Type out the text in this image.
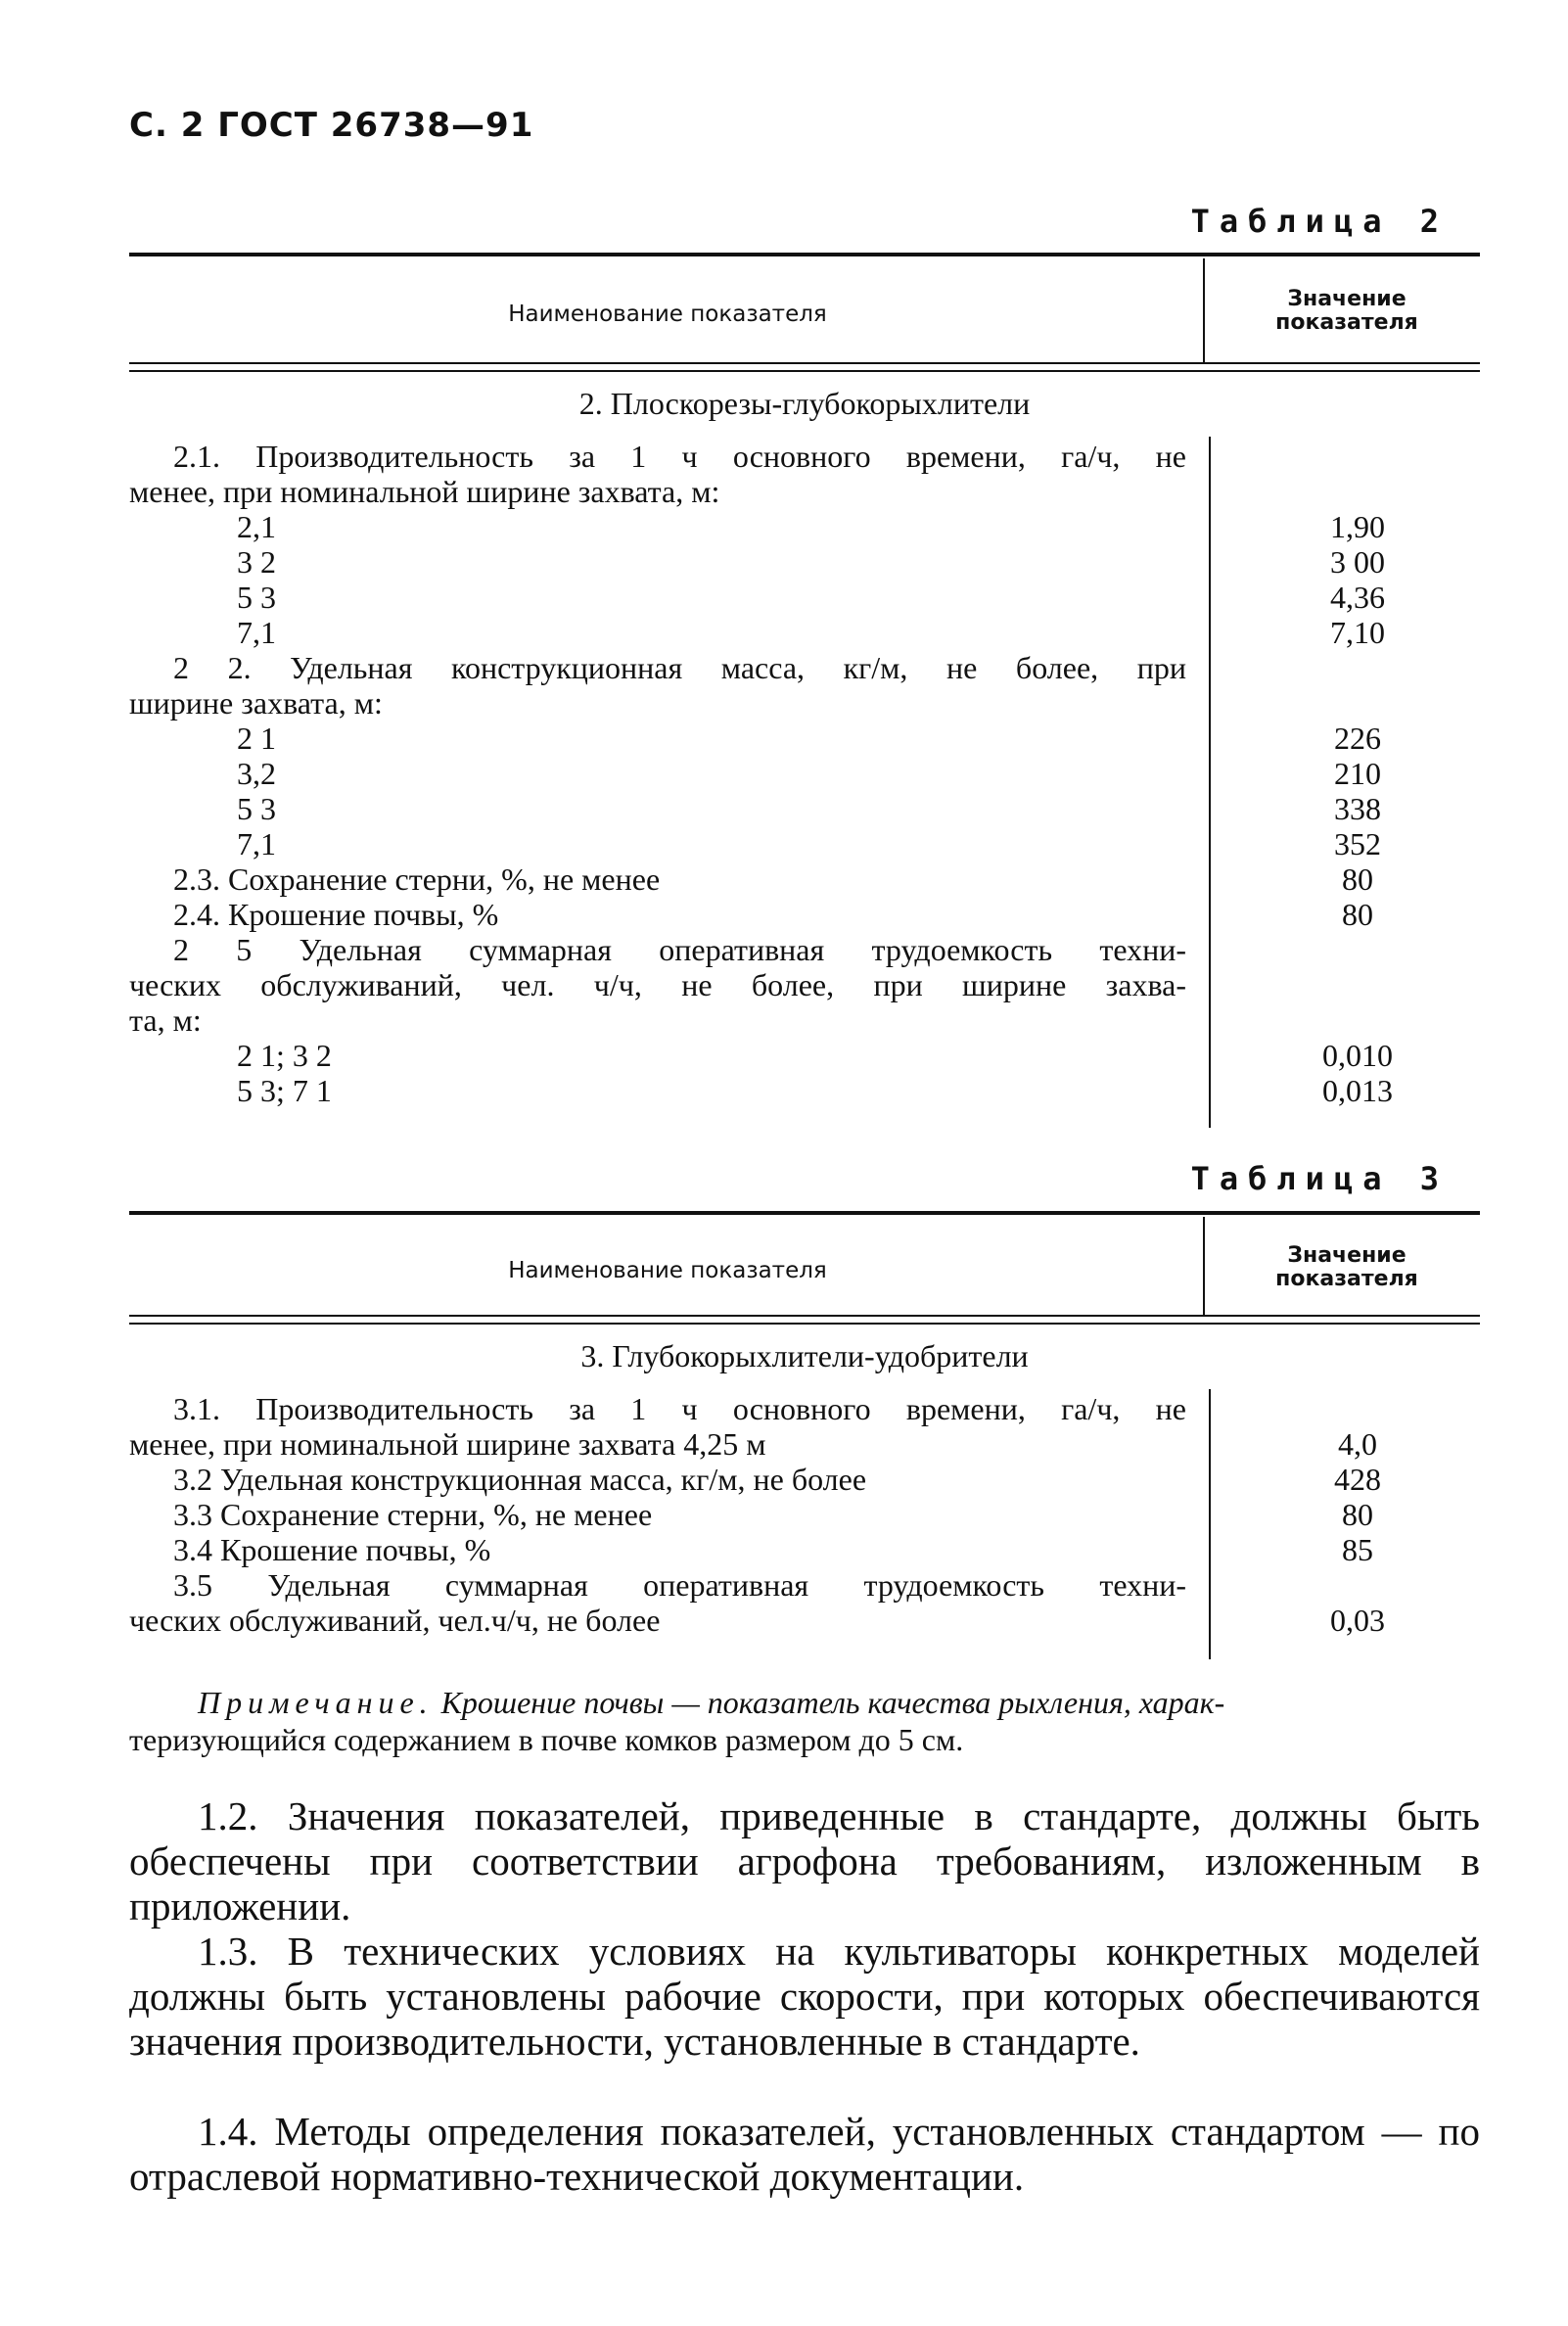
С. 2 ГОСТ 26738—91
Таблица 2
Наименование показателя
Значение
показателя
2. Плоскорезы-глубокорыхлители
2.1. Производительность за 1 ч основного времени, га/ч, не
менее, при номинальной ширине захвата, м:
2,1	1,90
3 2	3 00
5 3	4,36
7,1	7,10
2 2. Удельная конструкционная масса, кг/м, не более, при
ширине захвата, м:
2 1	226
3,2	210
5 3	338
7,1	352
2.3. Сохранение стерни, %, не менее	80
2.4. Крошение почвы, %	80
2 5 Удельная суммарная оперативная трудоемкость техни-
ческих обслуживаний, чел. ч/ч, не более, при ширине захва-
та, м:
2 1; 3 2	0,010
5 3; 7 1	0,013
Таблица 3
Наименование показателя
Значение
показателя
3. Глубокорыхлители-удобрители
3.1. Производительность за 1 ч основного времени, га/ч, не
менее, при номинальной ширине захвата 4,25 м	4,0
3.2 Удельная конструкционная масса, кг/м, не более	428
3.3 Сохранение стерни, %, не менее	80
3.4 Крошение почвы, %	85
3.5 Удельная суммарная оперативная трудоемкость техни-
ческих обслуживаний, чел.ч/ч, не более	0,03
Примечание. Крошение почвы — показатель качества рыхления, харак-
теризующийся содержанием в почве комков размером до 5 см.
1.2. Значения показателей, приведенные в стандарте, должны быть обеспечены при соответствии агрофона требованиям, изложенным в приложении.
1.3. В технических условиях на культиваторы конкретных моделей должны быть установлены рабочие скорости, при которых обеспечиваются значения производительности, установленные в стандарте.
1.4. Методы определения показателей, установленных стандартом — по отраслевой нормативно-технической документации.
